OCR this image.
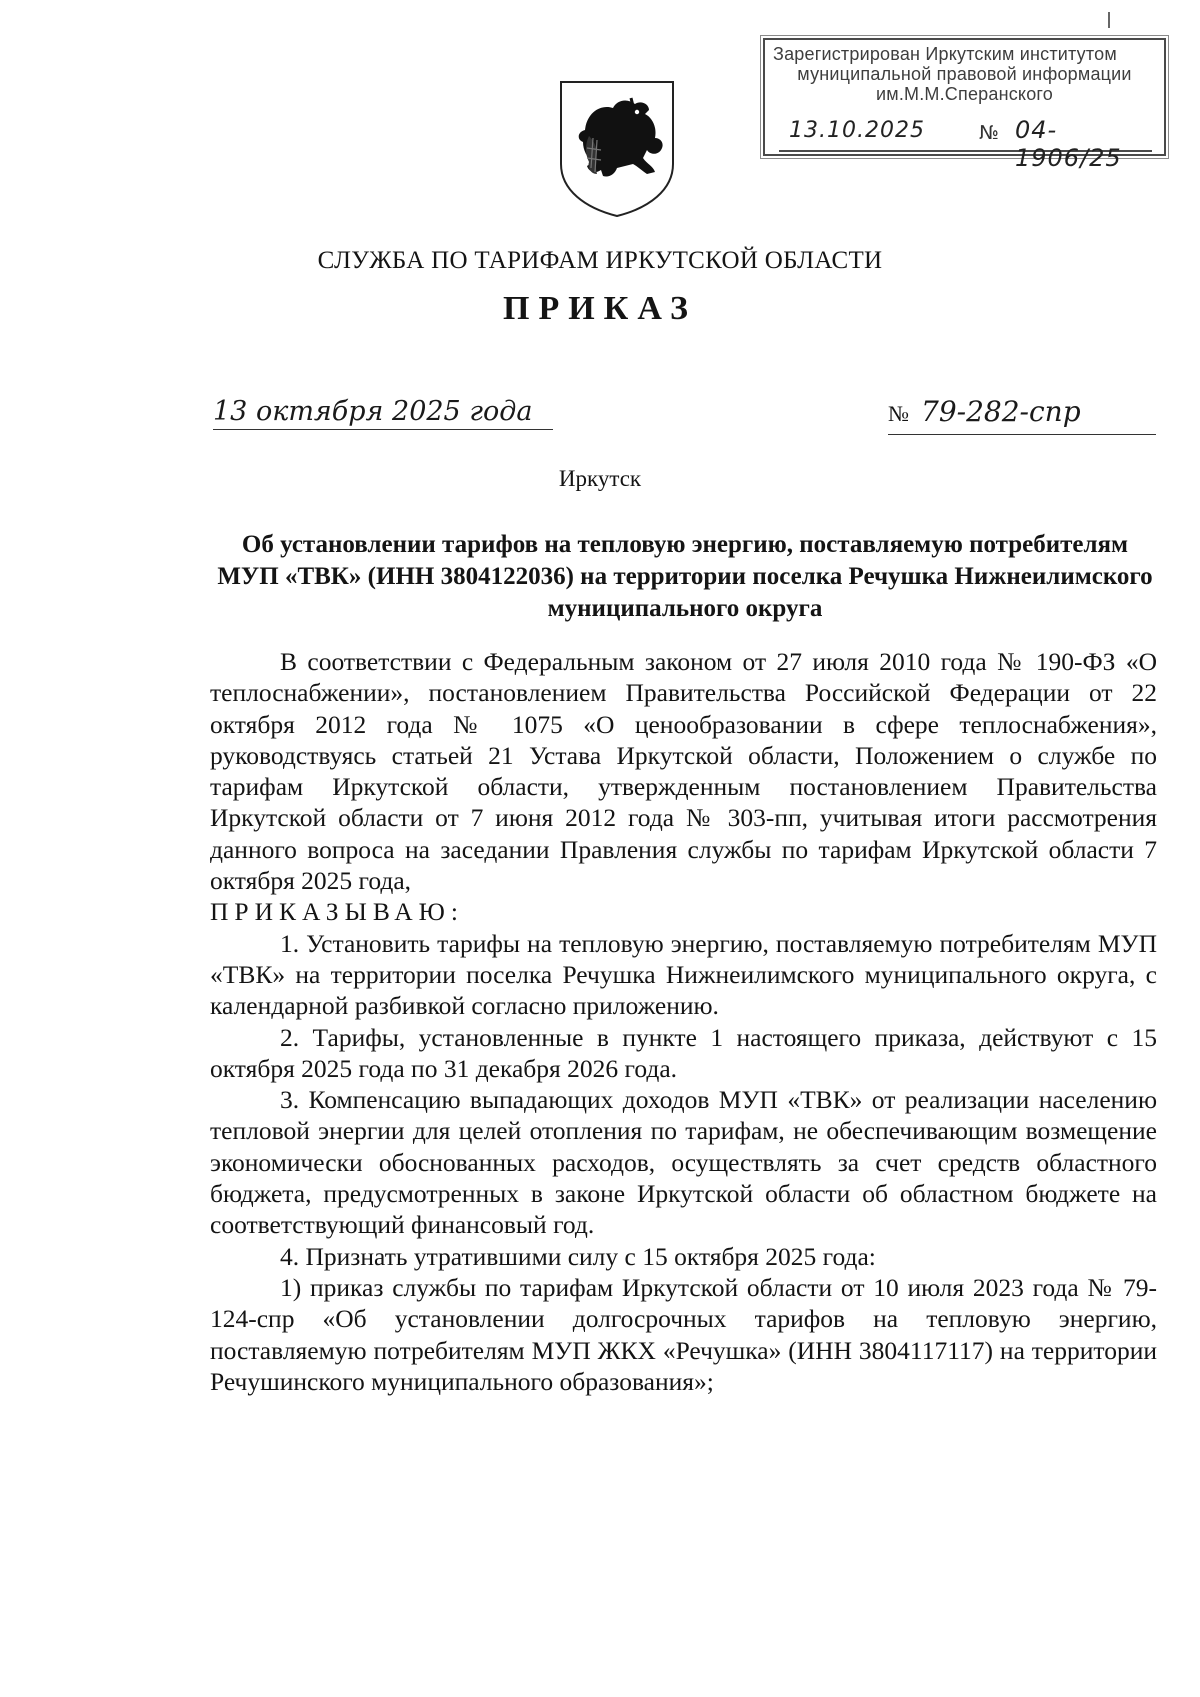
Зарегистрирован Иркутским институтом
муниципальной правовой информации
им.М.М.Сперанского
13.10.2025	№ 04-1906/25
СЛУЖБА ПО ТАРИФАМ ИРКУТСКОЙ ОБЛАСТИ
ПРИКАЗ
13 октября 2025 года	№ 79-282-спр
Иркутск
Об установлении тарифов на тепловую энергию, поставляемую потребителям МУП «ТВК» (ИНН 3804122036) на территории поселка Речушка Нижнеилимского муниципального округа

В соответствии с Федеральным законом от 27 июля 2010 года № 190-ФЗ «О теплоснабжении», постановлением Правительства Российской Федерации от 22 октября 2012 года № 1075 «О ценообразовании в сфере теплоснабжения», руководствуясь статьей 21 Устава Иркутской области, Положением о службе по тарифам Иркутской области, утвержденным постановлением Правительства Иркутской области от 7 июня 2012 года № 303-пп, учитывая итоги рассмотрения данного вопроса на заседании Правления службы по тарифам Иркутской области 7 октября 2025 года,

ПРИКАЗЫВАЮ:

1. Установить тарифы на тепловую энергию, поставляемую потребителям МУП «ТВК» на территории поселка Речушка Нижнеилимского муниципального округа, с календарной разбивкой согласно приложению.

2. Тарифы, установленные в пункте 1 настоящего приказа, действуют с 15 октября 2025 года по 31 декабря 2026 года.

3. Компенсацию выпадающих доходов МУП «ТВК» от реализации населению тепловой энергии для целей отопления по тарифам, не обеспечивающим возмещение экономически обоснованных расходов, осуществлять за счет средств областного бюджета, предусмотренных в законе Иркутской области об областном бюджете на соответствующий финансовый год.

4. Признать утратившими силу с 15 октября 2025 года:

1) приказ службы по тарифам Иркутской области от 10 июля 2023 года № 79-124-спр «Об установлении долгосрочных тарифов на тепловую энергию, поставляемую потребителям МУП ЖКХ «Речушка» (ИНН 3804117117) на территории Речушинского муниципального образования»;
